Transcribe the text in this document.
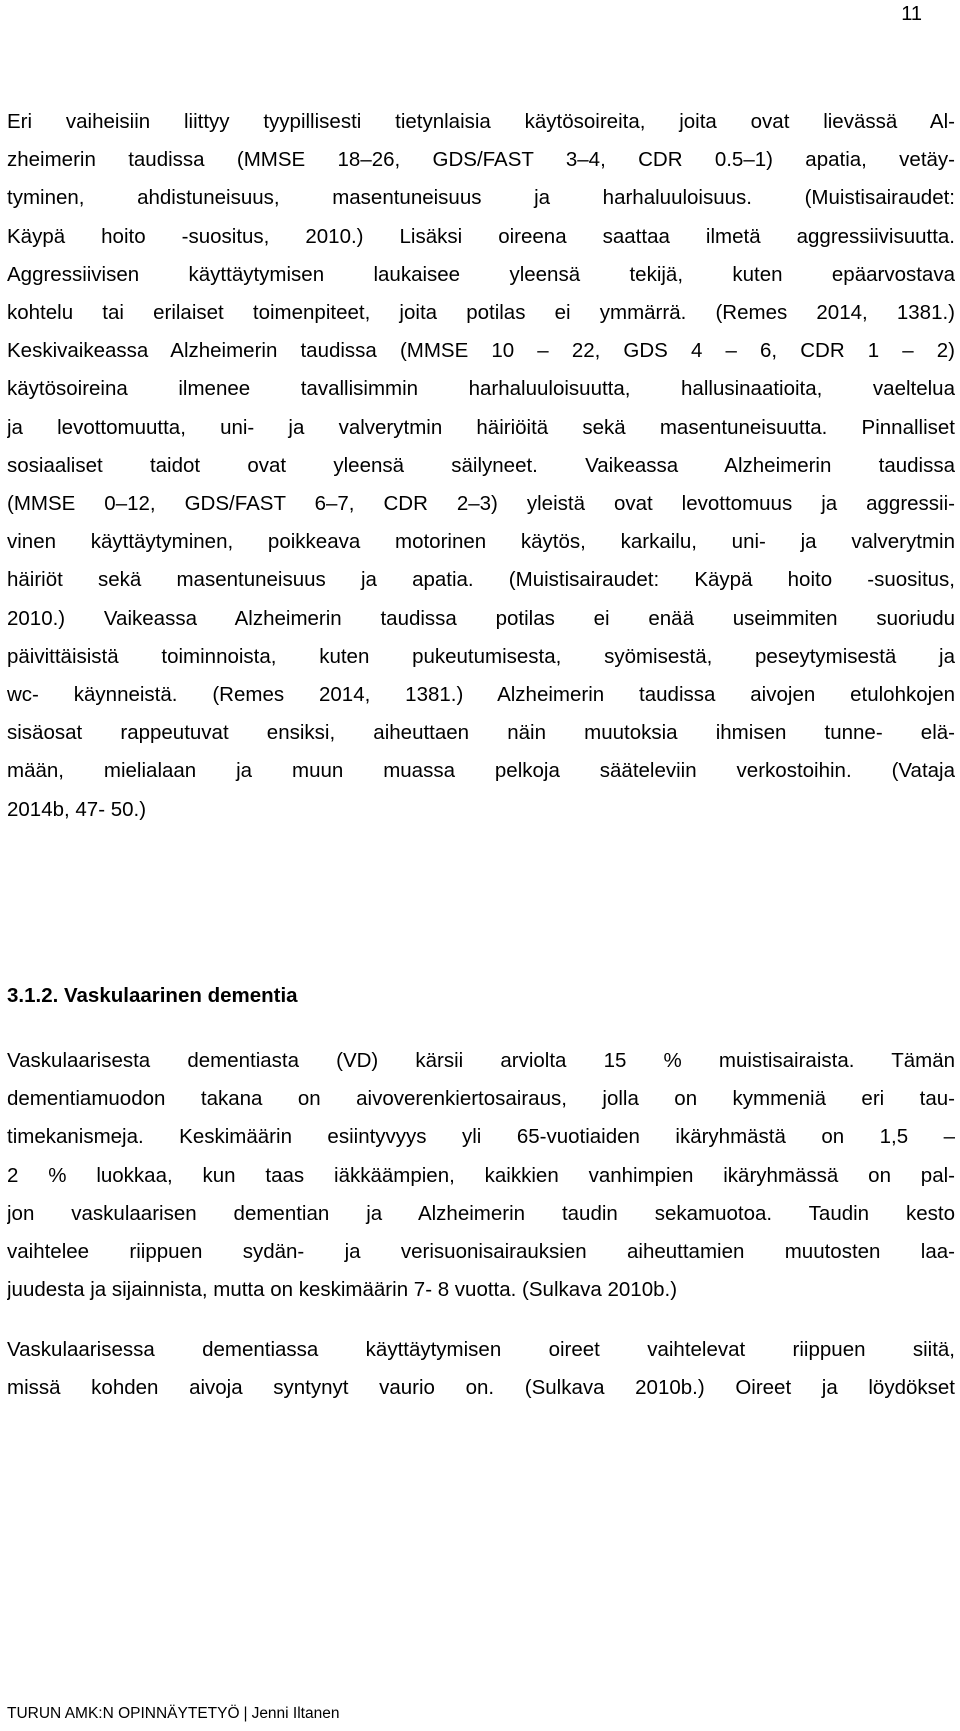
11
Eri vaiheisiin liittyy tyypillisesti tietynlaisia käytösoireita, joita ovat lievässä Al-
zheimerin taudissa (MMSE 18–26, GDS/FAST 3–4, CDR 0.5–1) apatia, vetäy-
tyminen, ahdistuneisuus, masentuneisuus ja harhaluuloisuus. (Muistisairaudet:
Käypä hoito -suositus, 2010.) Lisäksi oireena saattaa ilmetä aggressiivisuutta.
Aggressiivisen käyttäytymisen laukaisee yleensä tekijä, kuten epäarvostava
kohtelu tai erilaiset toimenpiteet, joita potilas ei ymmärrä. (Remes 2014, 1381.)
Keskivaikeassa Alzheimerin taudissa (MMSE 10 – 22, GDS 4 – 6, CDR 1 – 2)
käytösoireina ilmenee tavallisimmin harhaluuloisuutta, hallusinaatioita, vaeltelua
ja levottomuutta, uni- ja valverytmin häiriöitä sekä masentuneisuutta. Pinnalliset
sosiaaliset taidot ovat yleensä säilyneet. Vaikeassa Alzheimerin taudissa
(MMSE 0–12, GDS/FAST 6–7, CDR 2–3) yleistä ovat levottomuus ja aggressii-
vinen käyttäytyminen, poikkeava motorinen käytös, karkailu, uni- ja valverytmin
häiriöt sekä masentuneisuus ja apatia. (Muistisairaudet: Käypä hoito -suositus,
2010.) Vaikeassa Alzheimerin taudissa potilas ei enää useimmiten suoriudu
päivittäisistä toiminnoista, kuten pukeutumisesta, syömisestä, peseytymisestä ja
wc- käynneistä. (Remes 2014, 1381.) Alzheimerin taudissa aivojen etulohkojen
sisäosat rappeutuvat ensiksi, aiheuttaen näin muutoksia ihmisen tunne- elä-
mään, mielialaan ja muun muassa pelkoja sääteleviin verkostoihin. (Vataja
2014b, 47- 50.)
3.1.2. Vaskulaarinen dementia
Vaskulaarisesta dementiasta (VD) kärsii arviolta 15 % muistisairaista. Tämän
dementiamuodon takana on aivoverenkiertosairaus, jolla on kymmeniä eri tau-
timekanismeja. Keskimäärin esiintyvyys yli 65-vuotiaiden ikäryhmästä on 1,5 –
2 % luokkaa, kun taas iäkkäämpien, kaikkien vanhimpien ikäryhmässä on pal-
jon vaskulaarisen dementian ja Alzheimerin taudin sekamuotoa. Taudin kesto
vaihtelee riippuen sydän- ja verisuonisairauksien aiheuttamien muutosten laa-
juudesta ja sijainnista, mutta on keskimäärin 7- 8 vuotta. (Sulkava 2010b.)
Vaskulaarisessa dementiassa käyttäytymisen oireet vaihtelevat riippuen siitä,
missä kohden aivoja syntynyt vaurio on. (Sulkava 2010b.) Oireet ja löydökset
TURUN AMK:N OPINNÄYTETYÖ | Jenni Iltanen
